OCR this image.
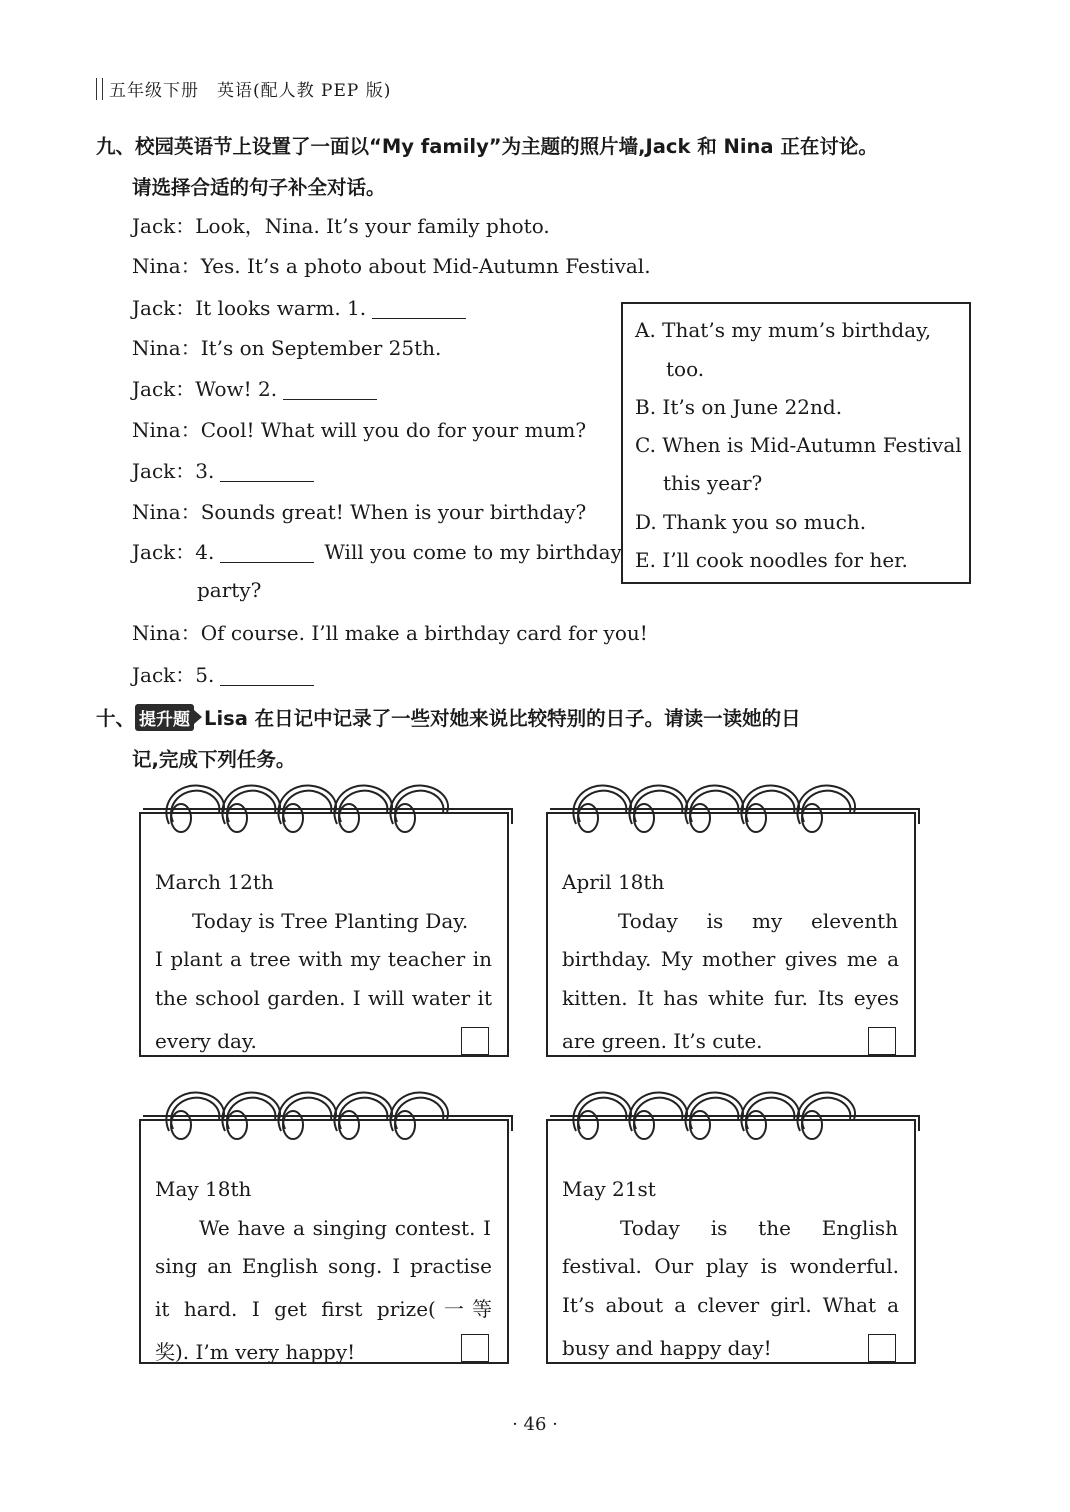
五年级下册　英语(配人教 PEP 版)
九、校园英语节上设置了一面以“My family”为主题的照片墙,Jack 和 Nina 正在讨论。
请选择合适的句子补全对话。
Jack：Look，Nina. It’s your family photo.
Nina：Yes. It’s a photo about Mid-Autumn Festival.
Jack：It looks warm. 1.
Nina：It’s on September 25th.
Jack：Wow! 2.
Nina：Cool! What will you do for your mum?
Jack：3.
Nina：Sounds great! When is your birthday?
Jack：4.	Will you come to my birthday
party?
Nina：Of course. I’ll make a birthday card for you!
Jack：5.
A. That’s my mum’s birthday,
too.
B. It’s on June 22nd.
C. When is Mid-Autumn Festival
this year?
D. Thank you so much.
E. I’ll cook noodles for her.
十、 提升题 Lisa 在日记中记录了一些对她来说比较特别的日子。请读一读她的日
记,完成下列任务。
March 12th
Today is Tree Planting Day.
I plant a tree with my teacher in
the school garden. I will water it
every day.
April 18th
Today is my eleventh
birthday. My mother gives me a
kitten. It has white fur. Its eyes
are green. It’s cute.
May 18th
We have a singing contest. I
sing an English song. I practise
it hard. I get first prize(一等
奖). I’m very happy!
May 21st
Today is the English
festival. Our play is wonderful.
It’s about a clever girl. What a
busy and happy day!
· 46 ·
